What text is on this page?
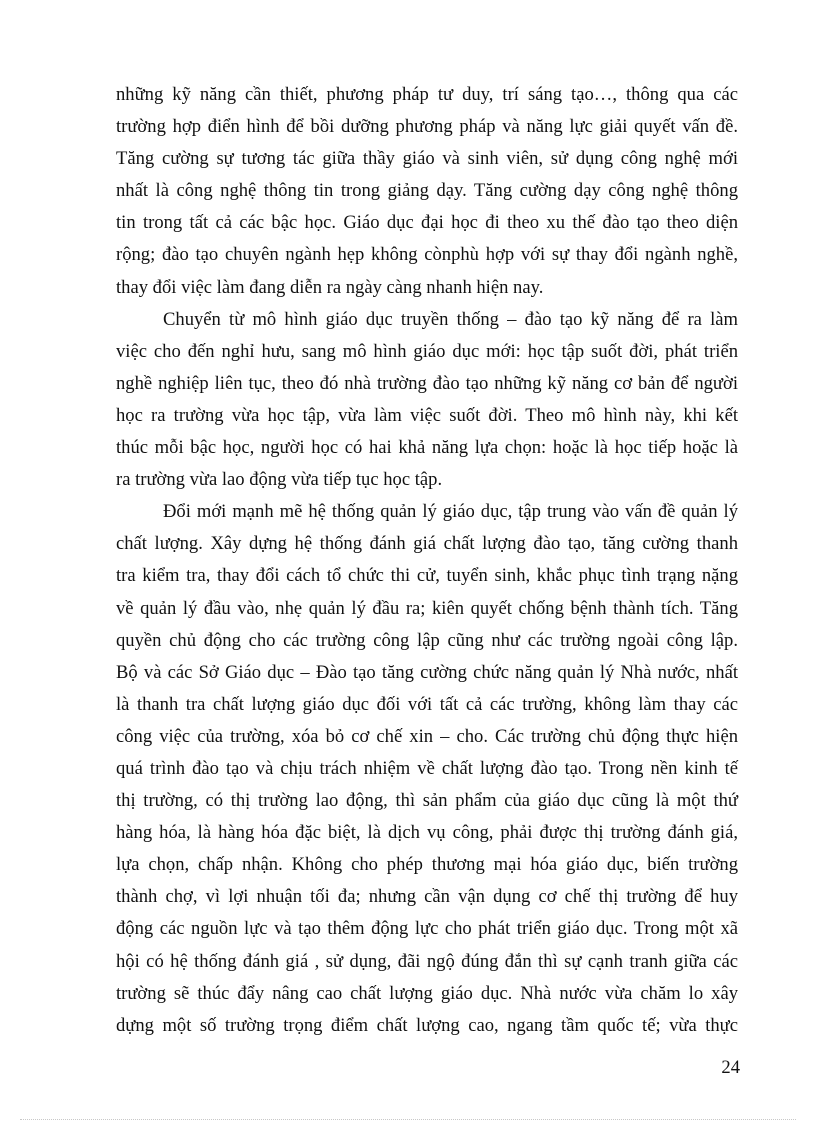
những kỹ năng cần thiết, phương pháp tư duy, trí sáng tạo…, thông qua các
trường hợp điển hình để bồi dưỡng phương pháp và năng lực giải quyết vấn đề.
Tăng cường sự tương tác giữa thầy giáo và sinh viên, sử dụng công nghệ mới
nhất là công nghệ thông tin trong giảng dạy. Tăng cường dạy công nghệ thông
tin trong tất cả các bậc học. Giáo dục đại học đi theo xu thế đào tạo theo diện
rộng; đào tạo chuyên ngành hẹp không cònphù hợp với sự thay đổi ngành nghề,
thay đổi việc làm đang diễn ra ngày càng nhanh hiện nay.

Chuyển từ mô hình giáo dục truyền thống – đào tạo kỹ năng để ra làm
việc cho đến nghỉ hưu, sang mô hình giáo dục mới: học tập suốt đời, phát triển
nghề nghiệp liên tục, theo đó nhà trường đào tạo những kỹ năng cơ bản để người
học ra trường vừa học tập, vừa làm việc suốt đời. Theo mô hình này, khi kết
thúc mỗi bậc học, người học có hai khả năng lựa chọn: hoặc là học tiếp hoặc là
ra trường vừa lao động vừa tiếp tục học tập.

Đổi mới mạnh mẽ hệ thống quản lý giáo dục, tập trung vào vấn đề quản lý
chất lượng. Xây dựng hệ thống đánh giá chất lượng đào tạo, tăng cường thanh
tra kiểm tra, thay đổi cách tổ chức thi cử, tuyển sinh, khắc phục tình trạng nặng
về quản lý đầu vào, nhẹ quản lý đầu ra; kiên quyết chống bệnh thành tích. Tăng
quyền chủ động cho các trường công lập cũng như các trường ngoài công lập.
Bộ và các Sở Giáo dục – Đào tạo tăng cường chức năng quản lý Nhà nước, nhất
là thanh tra chất lượng giáo dục đối với tất cả các trường, không làm thay các
công việc của trường, xóa bỏ cơ chế xin – cho. Các trường chủ động thực hiện
quá trình đào tạo và chịu trách nhiệm về chất lượng đào tạo. Trong nền kinh tế
thị trường, có thị trường lao động, thì sản phẩm của giáo dục cũng là một thứ
hàng hóa, là hàng hóa đặc biệt, là dịch vụ công, phải được thị trường đánh giá,
lựa chọn, chấp nhận. Không cho phép thương mại hóa giáo dục, biến trường
thành chợ, vì lợi nhuận tối đa; nhưng cần vận dụng cơ chế thị trường để huy
động các nguồn lực và tạo thêm động lực cho phát triển giáo dục. Trong một xã
hội có hệ thống đánh giá , sử dụng, đãi ngộ đúng đắn thì sự cạnh tranh giữa các
trường sẽ thúc đẩy nâng cao chất lượng giáo dục. Nhà nước vừa chăm lo xây
dựng một số trường trọng điểm chất lượng cao, ngang tầm quốc tế; vừa thực

24
